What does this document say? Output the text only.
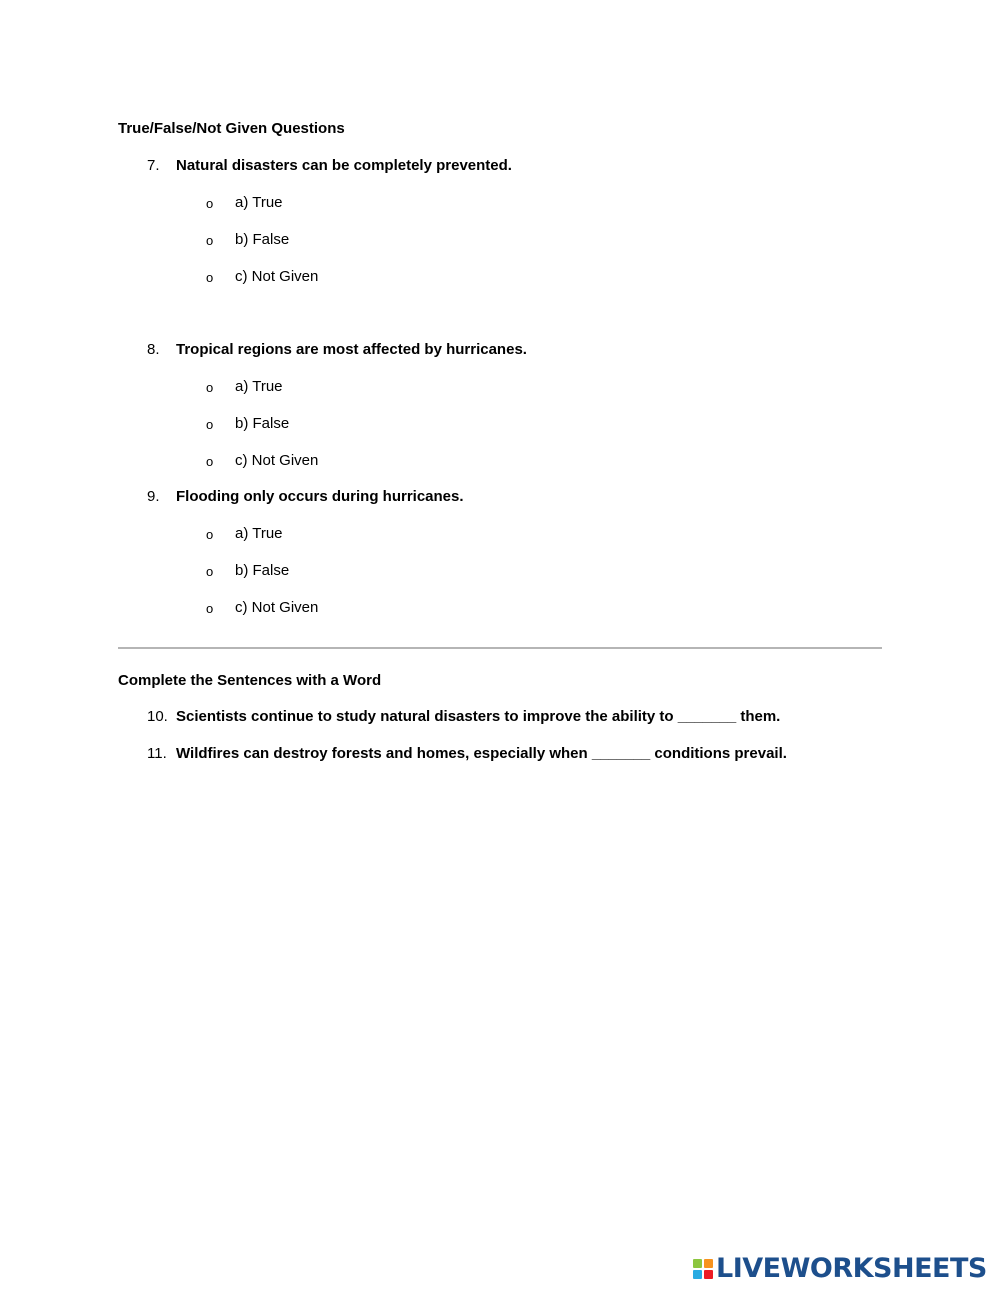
True/False/Not Given Questions
7. Natural disasters can be completely prevented.
o a) True
o b) False
o c) Not Given
8. Tropical regions are most affected by hurricanes.
o a) True
o b) False
o c) Not Given
9. Flooding only occurs during hurricanes.
o a) True
o b) False
o c) Not Given
Complete the Sentences with a Word
10. Scientists continue to study natural disasters to improve the ability to _______ them.
11. Wildfires can destroy forests and homes, especially when _______ conditions prevail.
LIVEWORKSHEETS
